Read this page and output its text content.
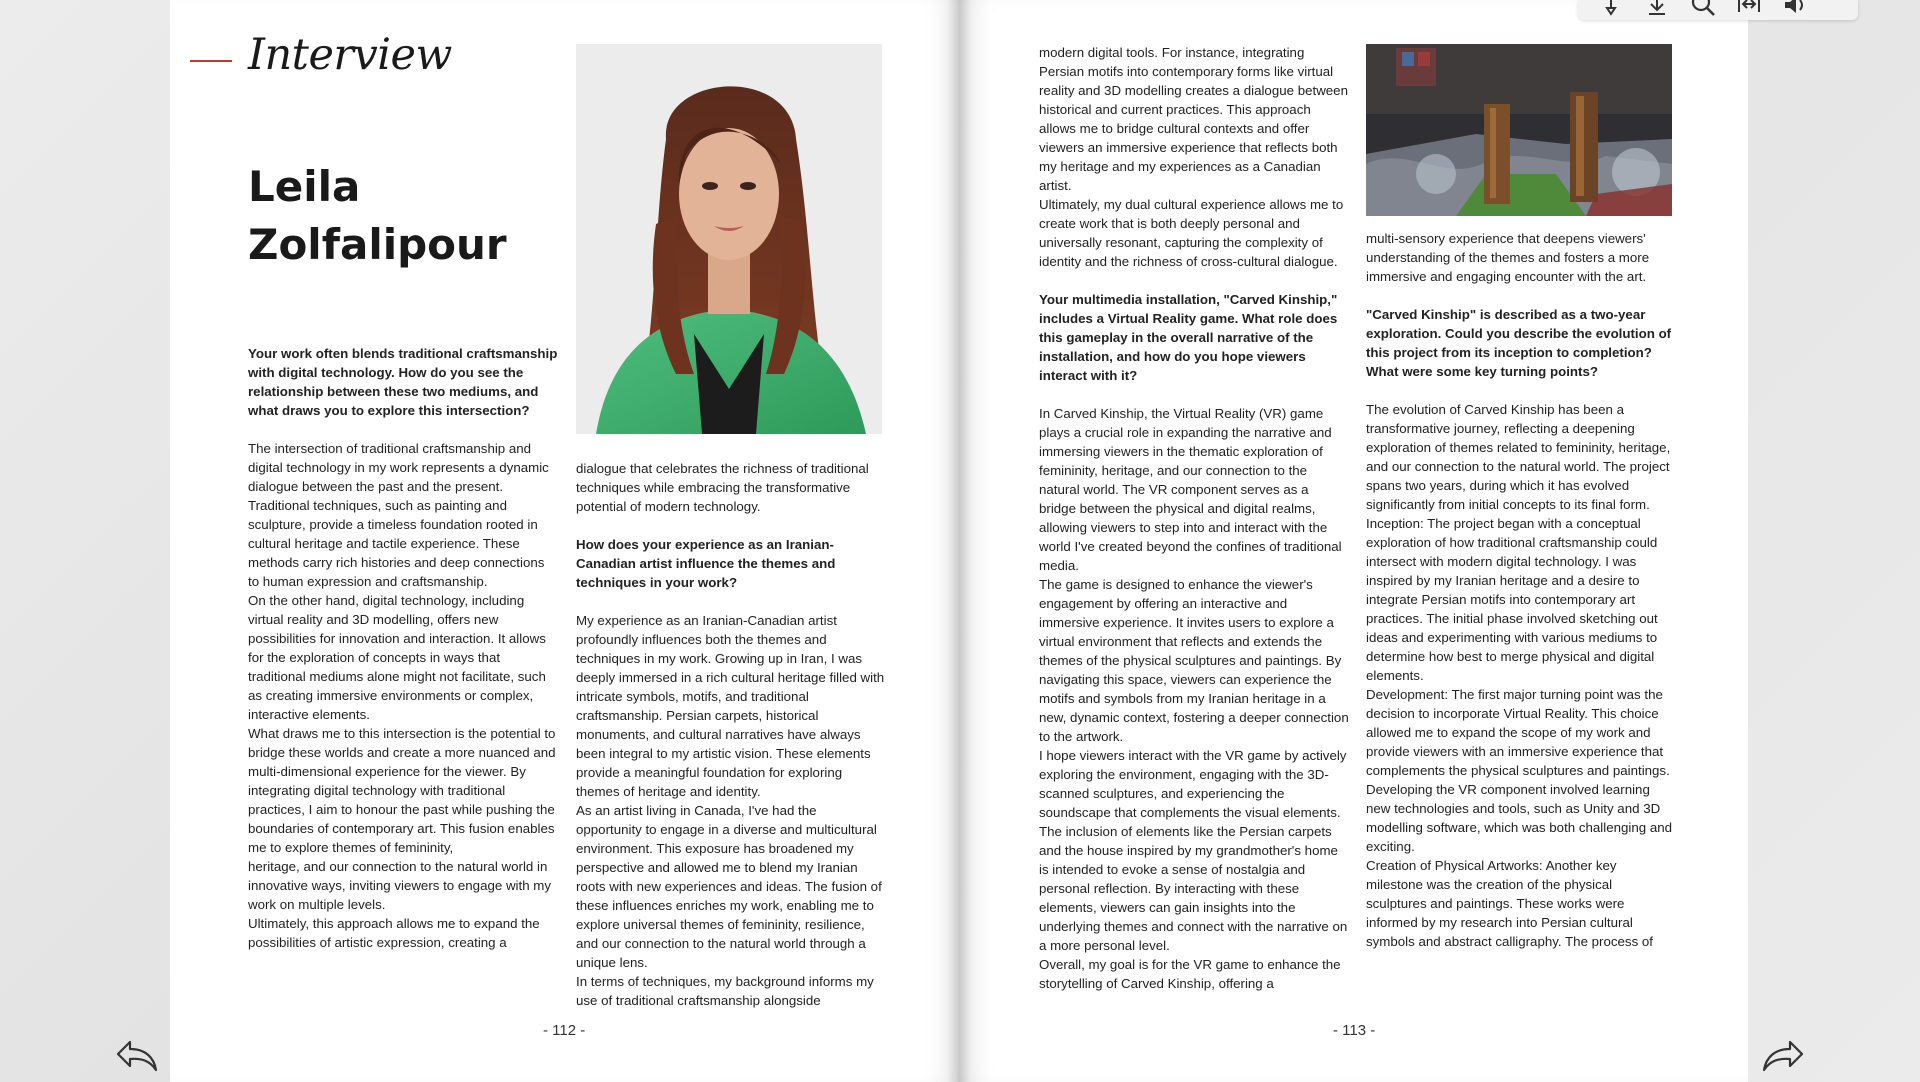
Interview
Leila
Zolfalipour

Your work often blends traditional craftsmanship with digital technology. How do you see the relationship between these two mediums, and what draws you to explore this intersection?

The intersection of traditional craftsmanship and digital technology in my work represents a dynamic dialogue between the past and the present. Traditional techniques, such as painting and sculpture, provide a timeless foundation rooted in cultural heritage and tactile experience. These methods carry rich histories and deep connections to human expression and craftsmanship.

On the other hand, digital technology, including virtual reality and 3D modelling, offers new possibilities for innovation and interaction. It allows for the exploration of concepts in ways that traditional mediums alone might not facilitate, such as creating immersive environments or complex, interactive elements.

What draws me to this intersection is the potential to bridge these worlds and create a more nuanced and multi-dimensional experience for the viewer. By integrating digital technology with traditional practices, I aim to honour the past while pushing the boundaries of contemporary art. This fusion enables me to explore themes of femininity,

heritage, and our connection to the natural world in innovative ways, inviting viewers to engage with my work on multiple levels.

Ultimately, this approach allows me to expand the possibilities of artistic expression, creating a

dialogue that celebrates the richness of traditional techniques while embracing the transformative potential of modern technology.

How does your experience as an Iranian-Canadian artist influence the themes and techniques in your work?

My experience as an Iranian-Canadian artist profoundly influences both the themes and techniques in my work. Growing up in Iran, I was deeply immersed in a rich cultural heritage filled with intricate symbols, motifs, and traditional craftsmanship. Persian carpets, historical monuments, and cultural narratives have always been integral to my artistic vision. These elements provide a meaningful foundation for exploring themes of heritage and identity.

As an artist living in Canada, I've had the opportunity to engage in a diverse and multicultural environment. This exposure has broadened my perspective and allowed me to blend my Iranian roots with new experiences and ideas. The fusion of these influences enriches my work, enabling me to explore universal themes of femininity, resilience, and our connection to the natural world through a unique lens.

In terms of techniques, my background informs my use of traditional craftsmanship alongside

- 112 -

modern digital tools. For instance, integrating Persian motifs into contemporary forms like virtual reality and 3D modelling creates a dialogue between historical and current practices. This approach allows me to bridge cultural contexts and offer viewers an immersive experience that reflects both my heritage and my experiences as a Canadian artist.

Ultimately, my dual cultural experience allows me to create work that is both deeply personal and universally resonant, capturing the complexity of identity and the richness of cross-cultural dialogue.

Your multimedia installation, "Carved Kinship," includes a Virtual Reality game. What role does this gameplay in the overall narrative of the installation, and how do you hope viewers interact with it?

In Carved Kinship, the Virtual Reality (VR) game plays a crucial role in expanding the narrative and immersing viewers in the thematic exploration of femininity, heritage, and our connection to the natural world. The VR component serves as a bridge between the physical and digital realms, allowing viewers to step into and interact with the world I've created beyond the confines of traditional media.

The game is designed to enhance the viewer's engagement by offering an interactive and immersive experience. It invites users to explore a virtual environment that reflects and extends the themes of the physical sculptures and paintings. By navigating this space, viewers can experience the motifs and symbols from my Iranian heritage in a new, dynamic context, fostering a deeper connection to the artwork.

I hope viewers interact with the VR game by actively exploring the environment, engaging with the 3D-scanned sculptures, and experiencing the soundscape that complements the visual elements. The inclusion of elements like the Persian carpets and the house inspired by my grandmother's home is intended to evoke a sense of nostalgia and personal reflection. By interacting with these elements, viewers can gain insights into the underlying themes and connect with the narrative on a more personal level.

Overall, my goal is for the VR game to enhance the storytelling of Carved Kinship, offering a

multi-sensory experience that deepens viewers' understanding of the themes and fosters a more immersive and engaging encounter with the art.

"Carved Kinship" is described as a two-year exploration. Could you describe the evolution of this project from its inception to completion? What were some key turning points?

The evolution of Carved Kinship has been a transformative journey, reflecting a deepening exploration of themes related to femininity, heritage, and our connection to the natural world. The project spans two years, during which it has evolved significantly from initial concepts to its final form.

Inception: The project began with a conceptual exploration of how traditional craftsmanship could intersect with modern digital technology. I was inspired by my Iranian heritage and a desire to integrate Persian motifs into contemporary art practices. The initial phase involved sketching out ideas and experimenting with various mediums to determine how best to merge physical and digital elements.

Development: The first major turning point was the decision to incorporate Virtual Reality. This choice allowed me to expand the scope of my work and provide viewers with an immersive experience that complements the physical sculptures and paintings. Developing the VR component involved learning new technologies and tools, such as Unity and 3D modelling software, which was both challenging and exciting.

Creation of Physical Artworks: Another key milestone was the creation of the physical sculptures and paintings. These works were informed by my research into Persian cultural symbols and abstract calligraphy. The process of

- 113 -
